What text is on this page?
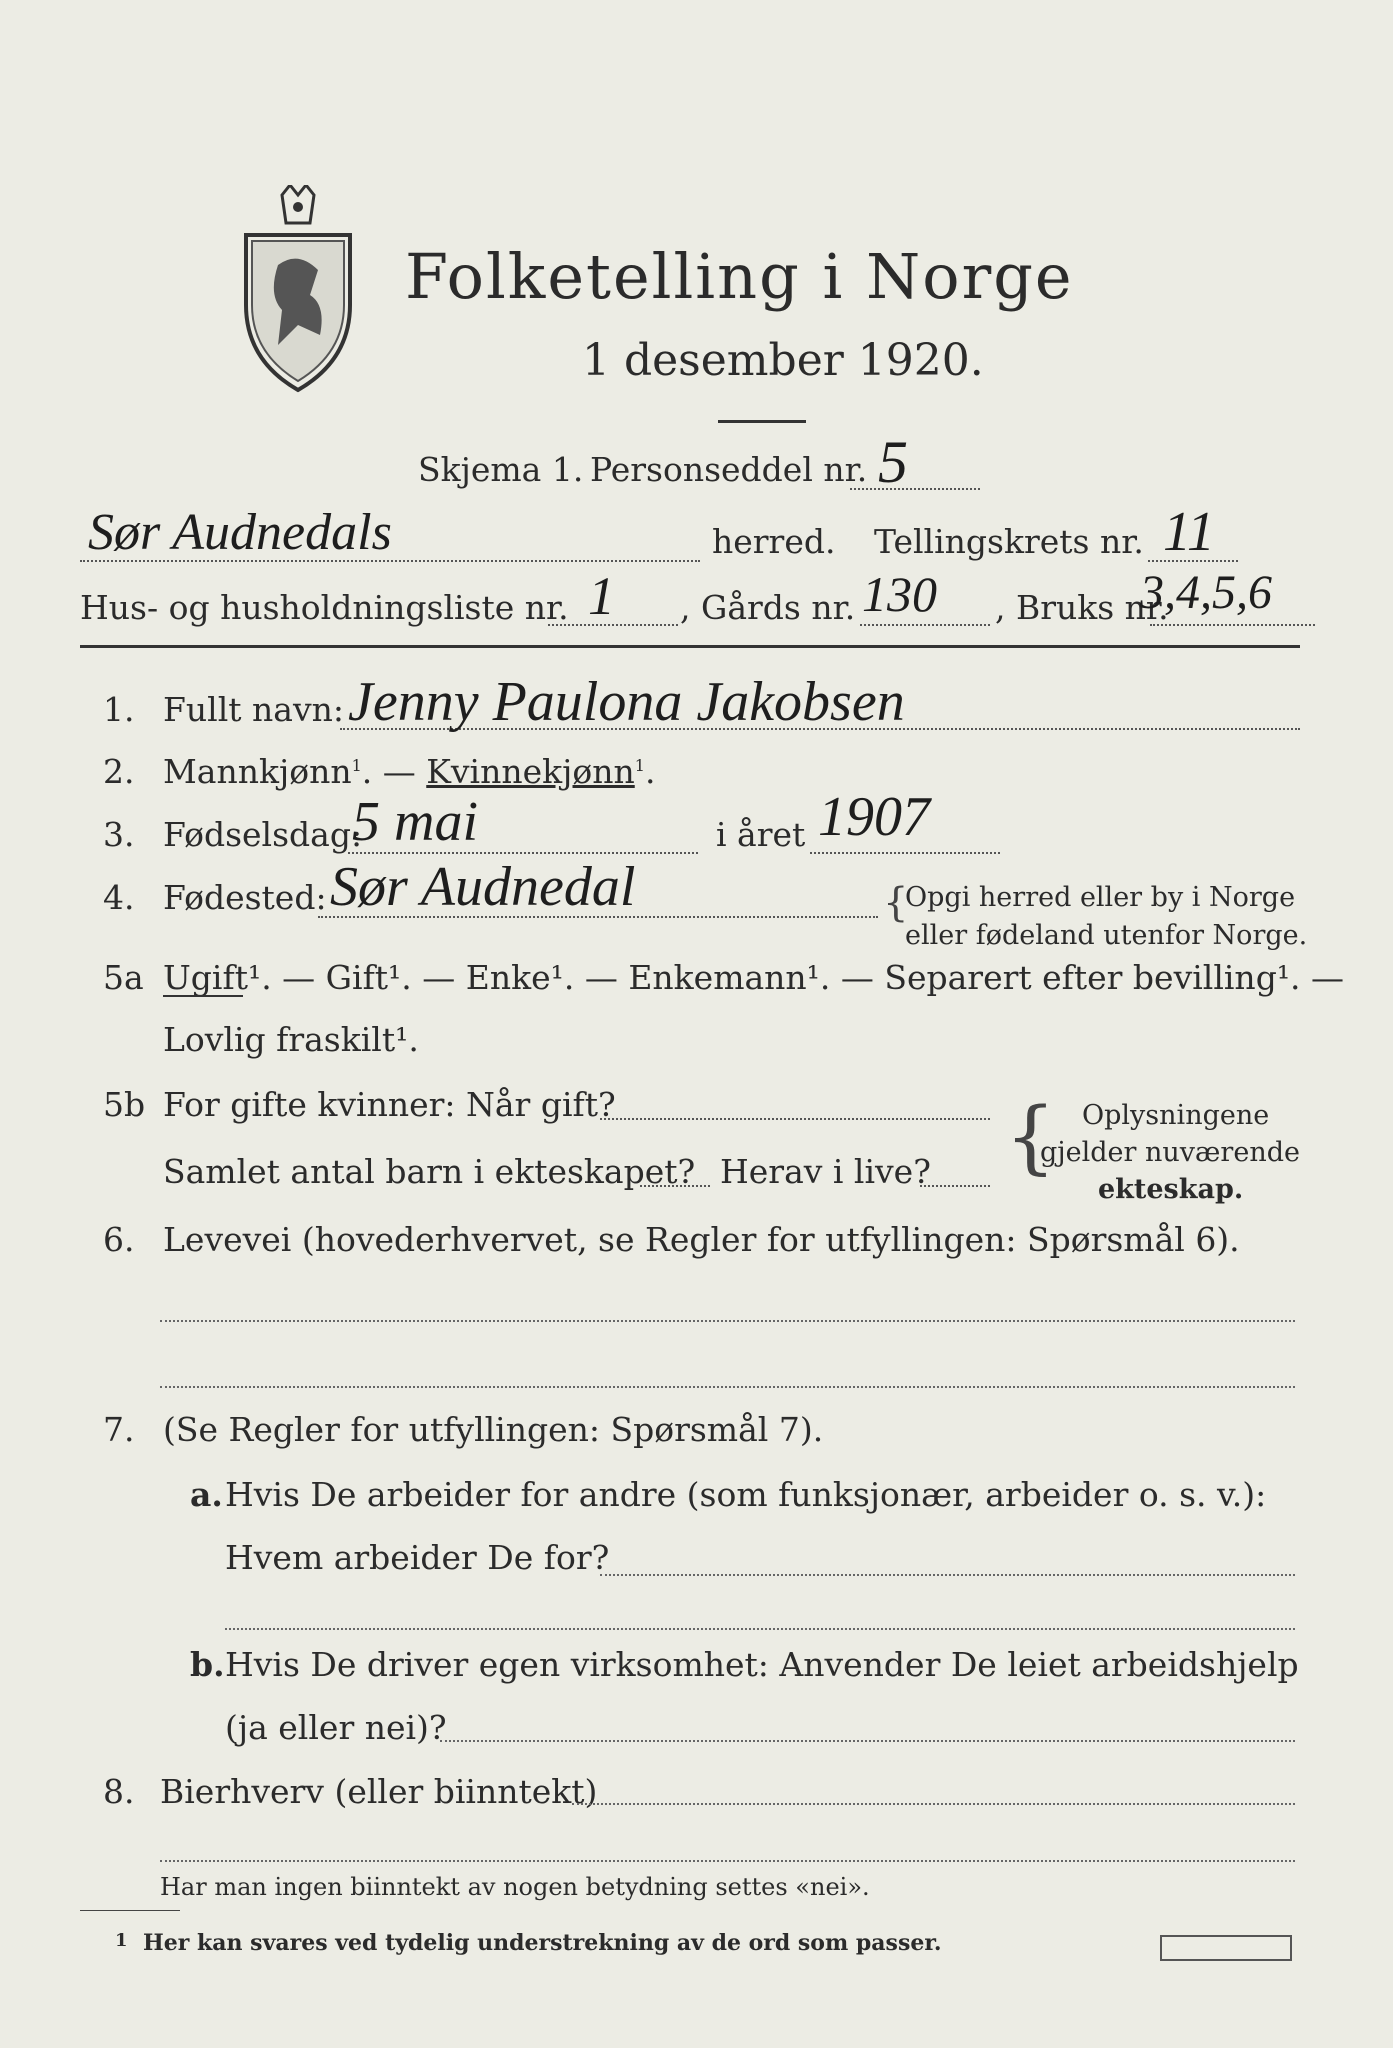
Folketelling i Norge
1 desember 1920.
Skjema 1. Personseddel nr. 5
Sør Audnedals	herred. Tellingskrets nr. 11
Hus- og husholdningsliste nr. 1 , Gårds nr. 130 , Bruks nr.
3,4,5,6
1. Fullt navn: Jenny Paulona Jakobsen
2. Mannkjønn$^1$. — Kvinnekjønn$^1$.
3. Fødselsdag:
5 mai	i året 1907
4. Fødested: Sør Audnedal	{
Opgi herred eller by i Norge
eller fødeland utenfor Norge.
5a Ugift¹. — Gift¹. — Enke¹. — Enkemann¹. — Separert efter bevilling¹. —
Lovlig fraskilt¹.
5b For gifte kvinner: Når gift?
Samlet antal barn i ekteskapet? Herav i live? { Oplysningene
gjelder nuværende
ekteskap.
6. Levevei (hovederhvervet, se Regler for utfyllingen: Spørsmål 6).
7. (Se Regler for utfyllingen: Spørsmål 7).
a. Hvis De arbeider for andre (som funksjonær, arbeider o. s. v.):
Hvem arbeider De for?
b. Hvis De driver egen virksomhet: Anvender De leiet arbeidshjelp
(ja eller nei)?
8. Bierhverv (eller biinntekt)
Har man ingen biinntekt av nogen betydning settes «nei».
1 Her kan svares ved tydelig understrekning av de ord som passer.
